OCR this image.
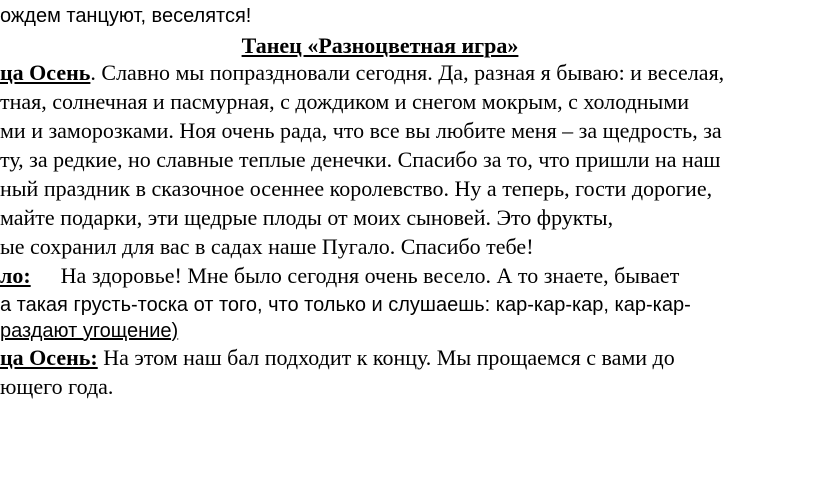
ождем танцуют, веселятся!
Танец «Разноцветная игра»
ца Осень. Славно мы попраздновали сегодня. Да, разная я бываю: и веселая,
тная, солнечная и пасмурная, с дождиком и снегом мокрым, с холодными
ми и заморозками. Ноя очень рада, что все вы любите меня – за щедрость, за
ту, за редкие, но славные теплые денечки. Спасибо за то, что пришли на наш
ный праздник в сказочное осеннее королевство. Ну а теперь, гости дорогие,
майте подарки, эти щедрые плоды от моих сыновей. Это фрукты,
ые сохранил для вас в садах наше Пугало. Спасибо тебе!
ло: На здоровье! Мне было сегодня очень весело. А то знаете, бывает
а такая грусть-тоска от того, что только и слушаешь: кар-кар-кар, кар-кар-
раздают угощение)
ца Осень: На этом наш бал подходит к концу. Мы прощаемся с вами до
ющего года.
